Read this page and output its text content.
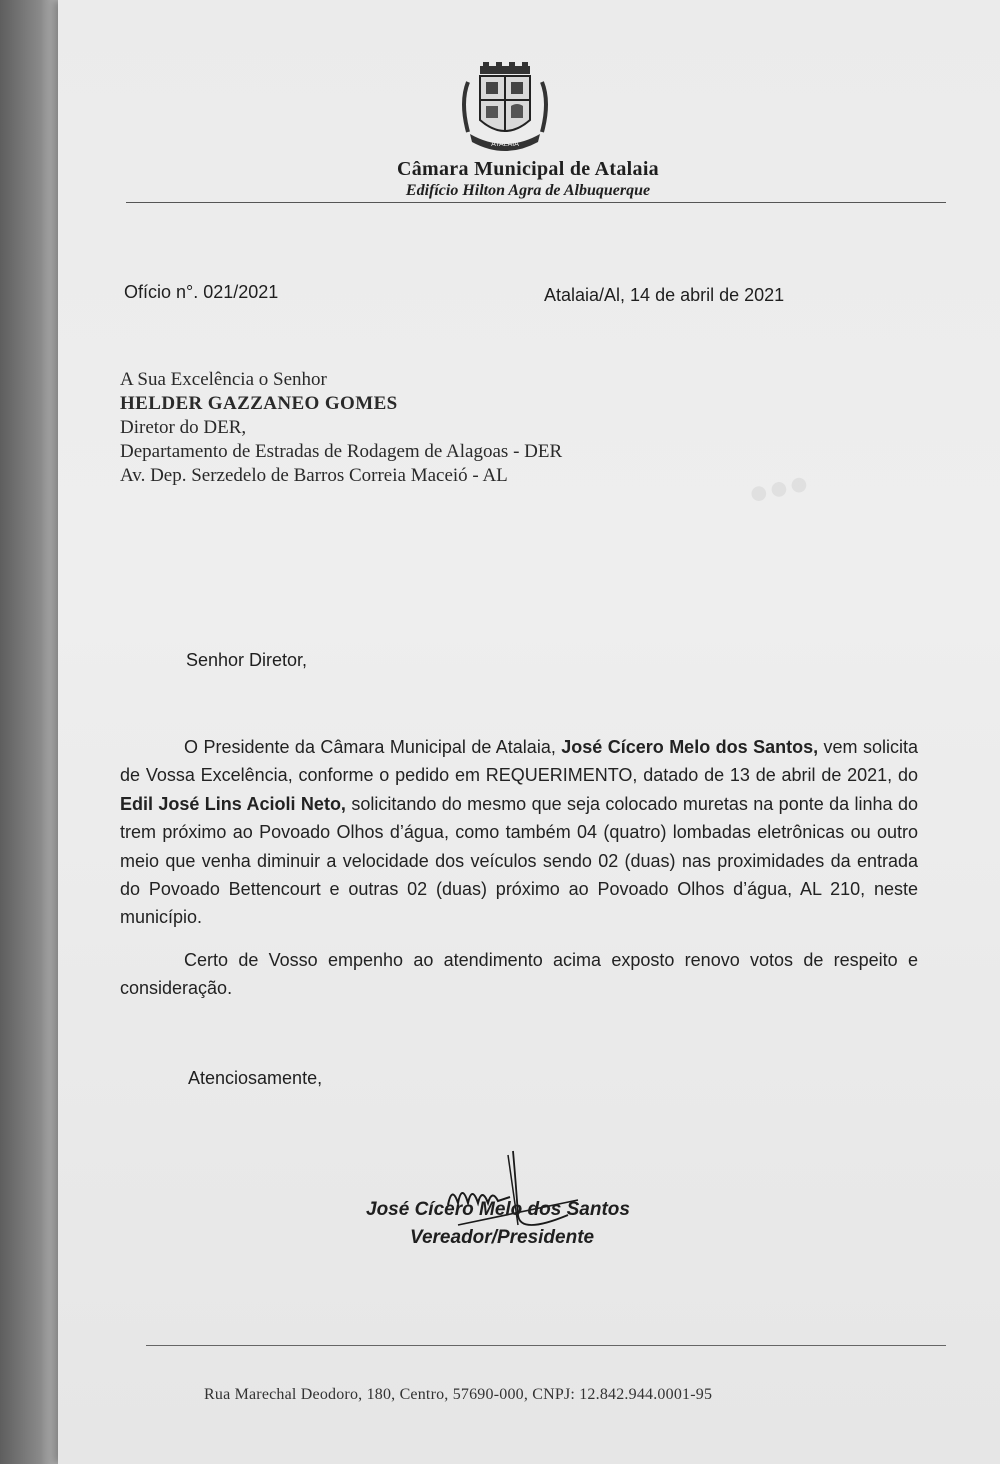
ATALAIA
Câmara Municipal de Atalaia
Edifício Hilton Agra de Albuquerque
Ofício n°. 021/2021	Atalaia/Al, 14 de abril de 2021
A Sua Excelência o Senhor
HELDER GAZZANEO GOMES
Diretor do DER,
Departamento de Estradas de Rodagem de Alagoas - DER
Av. Dep. Serzedelo de Barros Correia Maceió - AL	●●●
Senhor Diretor,

O Presidente da Câmara Municipal de Atalaia, José Cícero Melo dos Santos, vem solicita de Vossa Excelência, conforme o pedido em REQUERIMENTO, datado de 13 de abril de 2021, do Edil José Lins Acioli Neto, solicitando do mesmo que seja colocado muretas na ponte da linha do trem próximo ao Povoado Olhos d’água, como também 04 (quatro) lombadas eletrônicas ou outro meio que venha diminuir a velocidade dos veículos sendo 02 (duas) nas proximidades da entrada do Povoado Bettencourt e outras 02 (duas) próximo ao Povoado Olhos d’água, AL 210, neste município.

Certo de Vosso empenho ao atendimento acima exposto renovo votos de respeito e consideração.

Atenciosamente,
José Cícero Melo dos Santos
Vereador/Presidente
Rua Marechal Deodoro, 180, Centro, 57690-000, CNPJ: 12.842.944.0001-95
